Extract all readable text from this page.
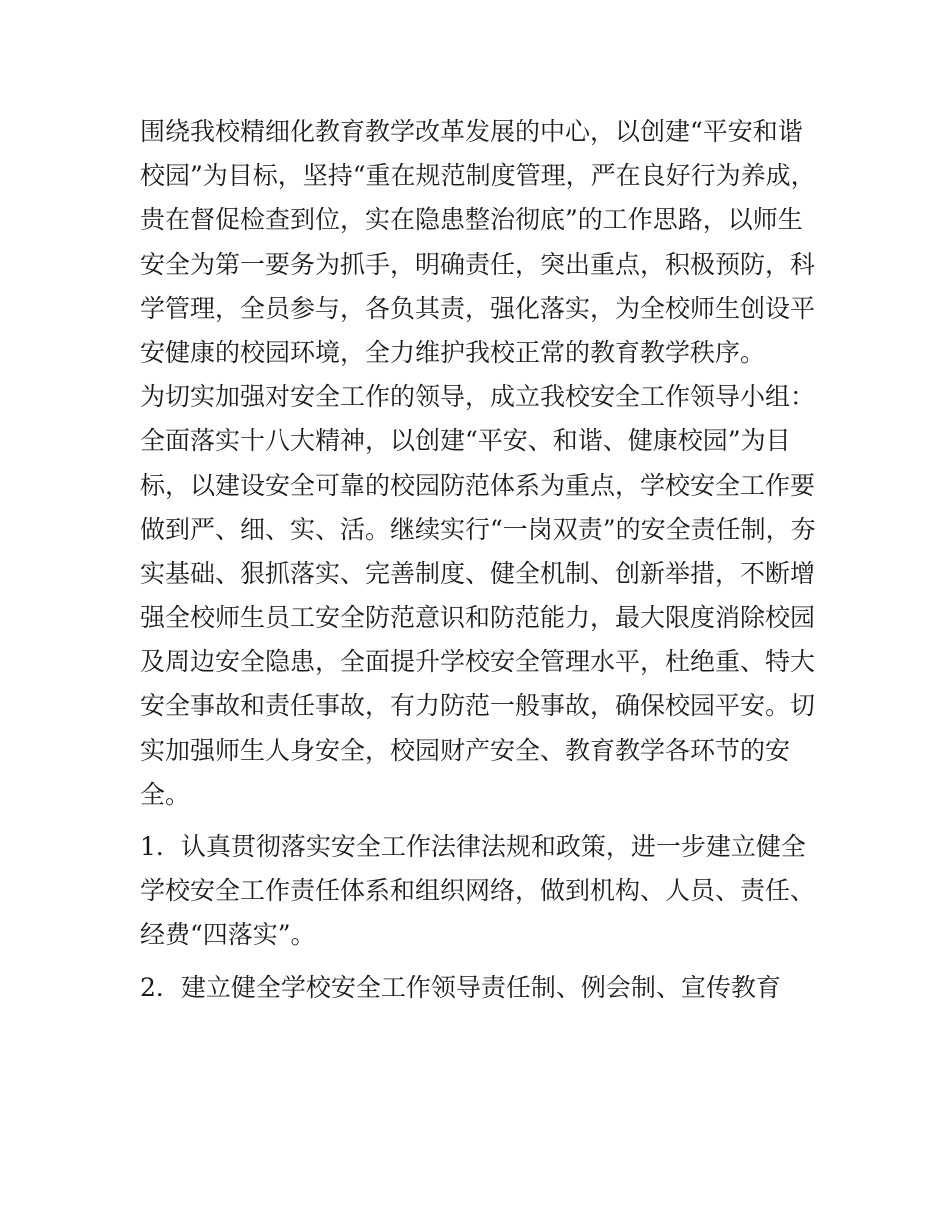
围绕我校精细化教育教学改革发展的中心，以创建“平安和谐
校园”为目标，坚持“重在规范制度管理，严在良好行为养成，
贵在督促检查到位，实在隐患整治彻底”的工作思路，以师生
安全为第一要务为抓手，明确责任，突出重点，积极预防，科
学管理，全员参与，各负其责，强化落实，为全校师生创设平
安健康的校园环境，全力维护我校正常的教育教学秩序。
为切实加强对安全工作的领导，成立我校安全工作领导小组：
全面落实十八大精神，以创建“平安、和谐、健康校园”为目
标，以建设安全可靠的校园防范体系为重点，学校安全工作要
做到严、细、实、活。继续实行“一岗双责”的安全责任制，夯
实基础、狠抓落实、完善制度、健全机制、创新举措，不断增
强全校师生员工安全防范意识和防范能力，最大限度消除校园
及周边安全隐患，全面提升学校安全管理水平，杜绝重、特大
安全事故和责任事故，有力防范一般事故，确保校园平安。切
实加强师生人身安全，校园财产安全、教育教学各环节的安
全。
1．认真贯彻落实安全工作法律法规和政策，进一步建立健全
学校安全工作责任体系和组织网络，做到机构、人员、责任、
经费“四落实”。
2．建立健全学校安全工作领导责任制、例会制、宣传教育
